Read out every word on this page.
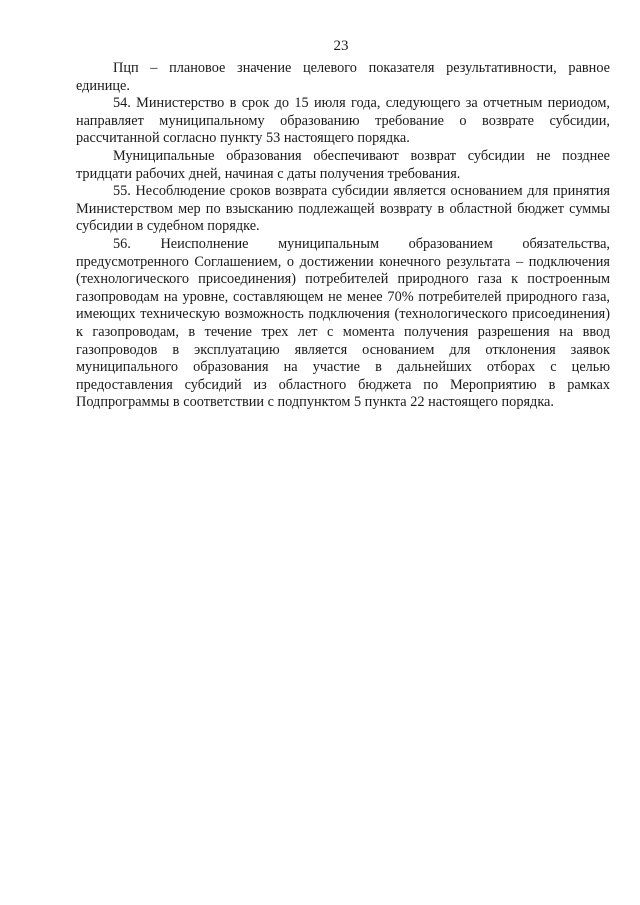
23

Пцп – плановое значение целевого показателя результативности, равное единице.

54. Министерство в срок до 15 июля года, следующего за отчетным периодом, направляет муниципальному образованию требование о возврате субсидии, рассчитанной согласно пункту 53 настоящего порядка.

Муниципальные образования обеспечивают возврат субсидии не позднее тридцати рабочих дней, начиная с даты получения требования.

55. Несоблюдение сроков возврата субсидии является основанием для принятия Министерством мер по взысканию подлежащей возврату в областной бюджет суммы субсидии в судебном порядке.

56. Неисполнение муниципальным образованием обязательства, предусмотренного Соглашением, о достижении конечного результата – подключения (технологического присоединения) потребителей природного газа к построенным газопроводам на уровне, составляющем не менее 70% потребителей природного газа, имеющих техническую возможность подключения (технологического присоединения) к газопроводам, в течение трех лет с момента получения разрешения на ввод газопроводов в эксплуатацию является основанием для отклонения заявок муниципального образования на участие в дальнейших отборах с целью предоставления субсидий из областного бюджета по Мероприятию в рамках Подпрограммы в соответствии с подпунктом 5 пункта 22 настоящего порядка.
